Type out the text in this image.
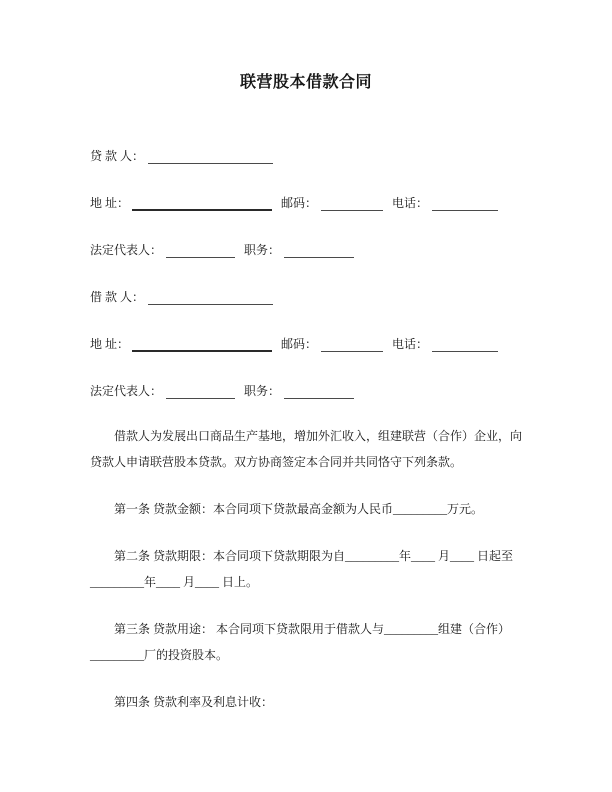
联营股本借款合同
贷 款 人：
地 址：	邮码：	电话：
法定代表人：	职务：
借 款 人：
地 址：	邮码：	电话：
法定代表人：	职务：
借款人为发展出口商品生产基地，增加外汇收入，组建联营（合作）企业，向
贷款人申请联营股本贷款。双方协商签定本合同并共同恪守下列条款。
第一条 贷款金额：本合同项下贷款最高金额为人民币_________万元。
第二条 贷款期限：本合同项下贷款期限为自_________年____ 月____ 日起至
_________年____ 月____ 日上。
第三条 贷款用途： 本合同项下贷款限用于借款人与_________组建（合作）
_________厂的投资股本。
第四条 贷款利率及利息计收：
